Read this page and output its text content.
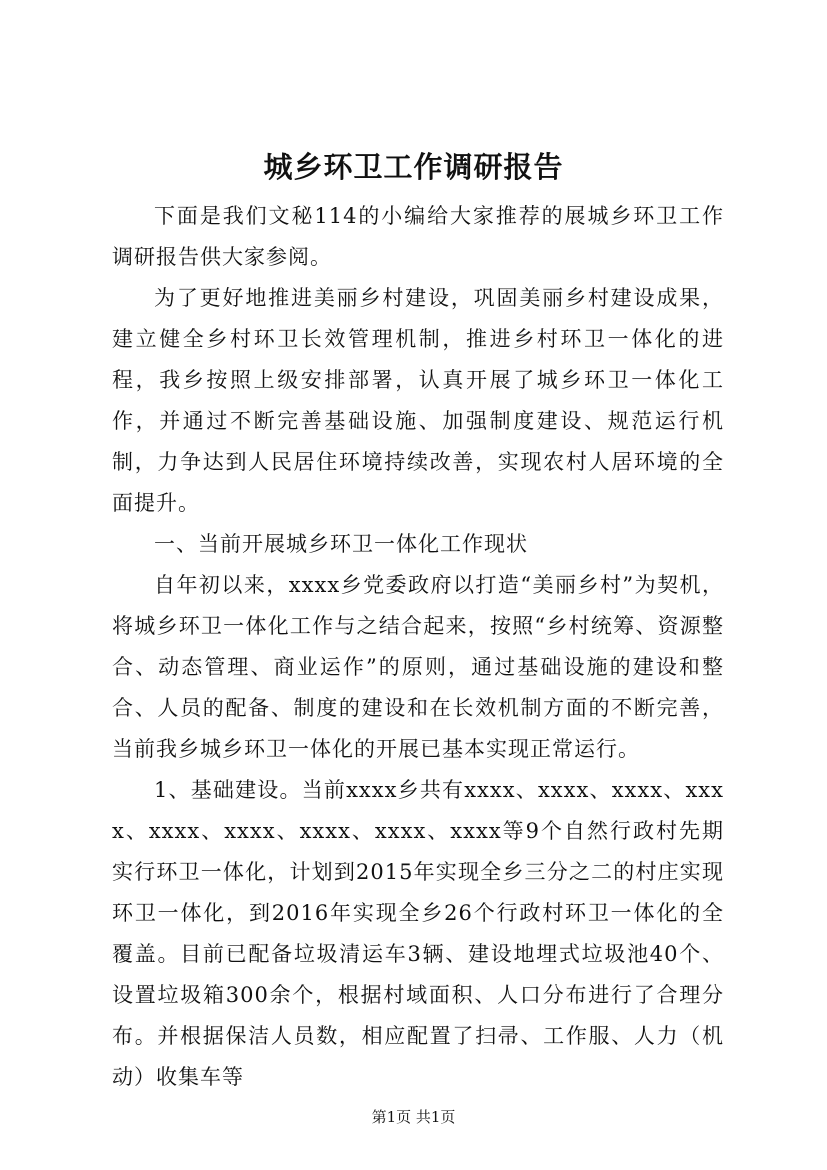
城乡环卫工作调研报告

下面是我们文秘114的小编给大家推荐的展城乡环卫工作调研报告供大家参阅。

为了更好地推进美丽乡村建设，巩固美丽乡村建设成果，建立健全乡村环卫长效管理机制，推进乡村环卫一体化的进程，我乡按照上级安排部署，认真开展了城乡环卫一体化工作，并通过不断完善基础设施、加强制度建设、规范运行机制，力争达到人民居住环境持续改善，实现农村人居环境的全面提升。

一、当前开展城乡环卫一体化工作现状

自年初以来，xxxx乡党委政府以打造“美丽乡村”为契机，将城乡环卫一体化工作与之结合起来，按照“乡村统筹、资源整合、动态管理、商业运作”的原则，通过基础设施的建设和整合、人员的配备、制度的建设和在长效机制方面的不断完善，当前我乡城乡环卫一体化的开展已基本实现正常运行。

1、基础建设。当前xxxx乡共有xxxx、xxxx、xxxx、xxxx、xxxx、xxxx、xxxx、xxxx、xxxx等9个自然行政村先期实行环卫一体化，计划到2015年实现全乡三分之二的村庄实现环卫一体化，到2016年实现全乡26个行政村环卫一体化的全覆盖。目前已配备垃圾清运车3辆、建设地埋式垃圾池40个、设置垃圾箱300余个，根据村域面积、人口分布进行了合理分布。并根据保洁人员数，相应配置了扫帚、工作服、人力（机动）收集车等

第1页 共1页
